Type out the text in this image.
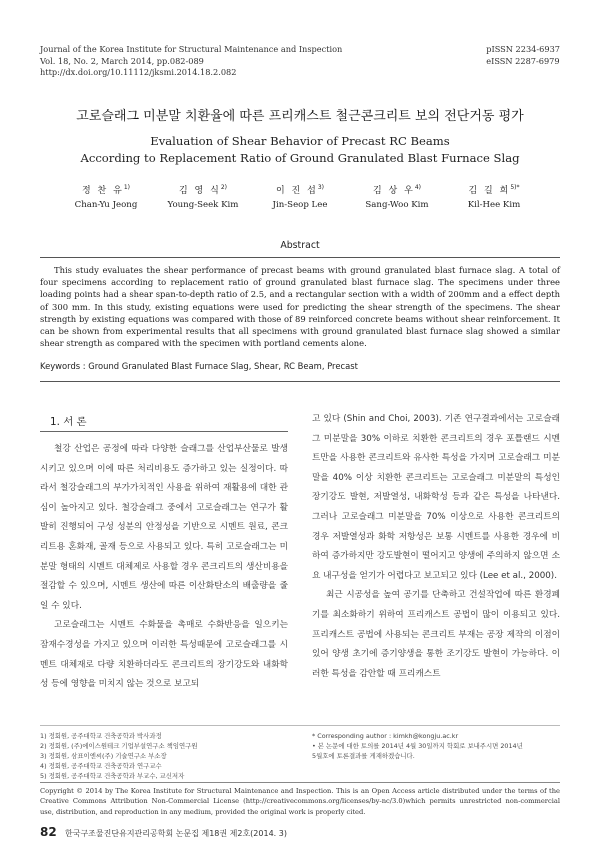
Journal of the Korea Institute for Structural Maintenance and Inspection
Vol. 18, No. 2, March 2014, pp.082-089
http://dx.doi.org/10.11112/jksmi.2014.18.2.082
pISSN 2234-6937
eISSN 2287-6979
고로슬래그 미분말 치환율에 따른 프리캐스트 철근콘크리트 보의 전단거동 평가
Evaluation of Shear Behavior of Precast RC Beams
According to Replacement Ratio of Ground Granulated Blast Furnace Slag
정 찬 유$^{1)}$
Chan-Yu Jeong
김 영 식$^{2)}$
Young-Seek Kim
이 진 섭$^{3)}$
Jin-Seop Lee
김 상 우$^{4)}$
Sang-Woo Kim
김 길 희$^{5)*}$
Kil-Hee Kim
Abstract
This study evaluates the shear performance of precast beams with ground granulated blast furnace slag. A total of four specimens according to replacement ratio of ground granulated blast furnace slag. The specimens under three loading points had a shear span-to-depth ratio of 2.5, and a rectangular section with a width of 200mm and a effect depth of 300 mm. In this study, existing equations were used for predicting the shear strength of the specimens. The shear strength by existing equations was compared with those of 89 reinforced concrete beams without shear reinforcement. It can be shown from experimental results that all specimens with ground granulated blast furnace slag showed a similar shear strength as compared with the specimen with portland cements alone.
Keywords : Ground Granulated Blast Furnace Slag, Shear, RC Beam, Precast
1. 서 론

철강 산업은 공정에 따라 다양한 슬래그를 산업부산물로 발생시키고 있으며 이에 따른 처리비용도 증가하고 있는 실정이다. 따라서 철강슬래그의 부가가치적인 사용을 위하여 재활용에 대한 관심이 높아지고 있다. 철강슬래그 중에서 고로슬래그는 연구가 활발히 진행되어 구성 성분의 안정성을 기반으로 시멘트 원료, 콘크리트용 혼화재, 골재 등으로 사용되고 있다. 특히 고로슬래그는 미분말 형태의 시멘트 대체제로 사용할 경우 콘크리트의 생산비용을 절감할 수 있으며, 시멘트 생산에 따른 이산화탄소의 배출량을 줄일 수 있다.

고로슬래그는 시멘트 수화물을 촉매로 수화반응을 일으키는 잠재수경성을 가지고 있으며 이러한 특성때문에 고로슬래그를 시멘트 대체재로 다량 치환하더라도 콘크리트의 장기강도와 내화학성 등에 영향을 미치지 않는 것으로 보고되

고 있다 (Shin and Choi, 2003). 기존 연구결과에서는 고로슬래그 미분말을 30% 이하로 치환한 콘크리트의 경우 포틀랜드 시멘트만을 사용한 콘크리트와 유사한 특성을 가지며 고로슬래그 미분말을 40% 이상 치환한 콘크리트는 고로슬래그 미분말의 특성인 장기강도 발현, 저발열성, 내화학성 등과 같은 특성을 나타낸다. 그러나 고로슬래그 미분말을 70% 이상으로 사용한 콘크리트의 경우 저발열성과 화학 저항성은 보통 시멘트를 사용한 경우에 비하여 증가하지만 강도발현이 떨어지고 양생에 주의하지 않으면 소요 내구성을 얻기가 어렵다고 보고되고 있다 (Lee et al., 2000).

최근 시공성을 높여 공기를 단축하고 건설작업에 따른 환경폐기를 최소화하기 위하여 프리캐스트 공법이 많이 이용되고 있다. 프리캐스트 공법에 사용되는 콘크리트 부재는 공장 제작의 이점이 있어 양생 초기에 증기양생을 통한 조기강도 발현이 가능하다. 이러한 특성을 감안할 때 프리캐스트

1) 정회원, 공주대학교 건축공학과 박사과정
2) 정회원, (주)에이스원테크 기업부설연구소 책임연구원
3) 정회원, 삼표이엔씨(주) 기술연구소 부소장
4) 정회원, 공주대학교 건축공학과 연구교수
5) 정회원, 공주대학교 건축공학과 부교수, 교신저자
* Corresponding author : kimkh@kongju.ac.kr
• 본 논문에 대한 토의를 2014년 4월 30일까지 학회로 보내주시면 2014년
5월호에 토론결과를 게재하겠습니다.
Copyright © 2014 by The Korea Institute for Structural Maintenance and Inspection. This is an Open Access article distributed under the terms of the Creative Commons Attribution Non-Commercial License (http://creativecommons.org/licenses/by-nc/3.0)which permits unrestricted non-commercial use, distribution, and reproduction in any medium, provided the original work is properly cited.
82 한국구조물진단유지관리공학회 논문집 제18권 제2호(2014. 3)
